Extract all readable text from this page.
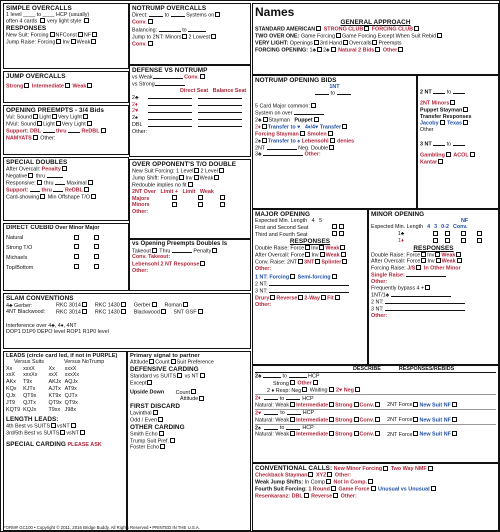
SIMPLE OVERCALLS
1 level ____ to ____ HCP (usually)
often 4 cards very light style
RESPONSES
New Suit: Forcing NFConst NF
Jump Raise: Forcing Inv Weak
JUMP OVERCALLS
Strong Intermediate Weak
OPENING PREEMPTS - 3/4 Bids
Vul: Sound Light Very Light
NVul: Sound Light Very Light
Support: DBL	thru	ReDBL
NAMYATS Other:
SPECIAL DOUBLES
After Overcall: Penalty
Negative thru
Responsive: thru Maximal
Support: thru ReDBL
Card-showing Min Offshape T/O
DIRECT CUEBID Over Minor Major
Natural
Strong T/O
Michaels
Top/Bottom
NOTRUMP OVERCALLS
Direct:	to	Systems on
Conv.
Balancing:	to
Jump to 2NT: Minors 2 Lowest
Conv.
DEFENSE VS NOTRUMP
vs Weak	Conv.
vs Strong
Direct Seat Balance Seat
2♣
2♦
2♥
2♠
DBL
Other:
OVER OPPONENT'S T/O DOUBLE
New Suit Forcing: 1 Level 2 Level
Jump Shift: Forcing Inv Weak
Redouble implies no fit
2NT Over Limit + Limit Weak
Majors
Minors
Other:
vs Opening Preempts Doubles Is
Takeout Thru	Penalty
Conv. Takeout:
Lebensohl 2 NT Response
Other:
SLAM CONVENTIONS
4♣ Gerber:	RKC 3014	RKC 1430	Gerber	Roman
4NT Blackwood: RKC 3014	RKC 1430	Blackwood	5NT GSF
Interference over 4♣, 4♦, 4NT
DOP1 D1P0 DEPO level ROP1 R1P0 level
LEADS (circle card led, if not in PURPLE)
Versus Suits	Versus NoTrump
Xx	xxxX	Xx	xxxX
xxX	xxxXx	xxX	xxxXx
AKx	T9x	AKJx	AQJx
KQx	KJTx	AJTx	AT9x
QJx	QT9x	KT9x	QJTx
JT9	QJTx	QT9x	QT9x
KQT9	KQJx	T9xx	J98x
LENGTH LEADS:
4th Best vs SUITS vsNT
3rd/5th Best vs SUITS vsNT
SPECIAL CARDING PLEASE ASK
Primary signal to partner
Attitude Count Suit Preference
DEFENSIVE CARDING
Standard vs SUITS vs NT
Except
Upside Down Count
Attitude
FIRST DISCARD
Lavinthal
Odd / Even
OTHER CARDING
Smith Echo
Trump Suit Pref.
Foster Echo
Names
GENERAL APPROACH
STANDARD AMERICAN STRONG CLUB FORCING CLUB
TWO OVER ONE: Game Forcing Game Forcing Except When Suit Rebid
VERY LIGHT: Openings 3rd Hand Overcalls Preempts
FORCING OPENING: 1♣ 2♣ Natural 2 Bids Other
NOTRUMP OPENING BIDS
1NT
to
5 Card Major common:
System on over
2♣ Stayman Puppet
2♦ Transfer to ♥ 4♦/4♥ Transfer
Forcing Stayman Smolen
2♠ Transfer to ♠ Lebensohl denies
2NT	Neg. Double
3♣	Other:
2 NT	to
2NT Minors
Puppet Stayman
Transfer Responses
Jacoby Texas
Other
3 NT	to
Gambling ACOL
Kantar
MAJOR OPENING
Expected Min. Length 4 5
First and Second Seat
Third and Fourth Seat
RESPONSES
Double Raise: Force Inv Weak
After Overcall: Force Inv Weak
Conv. Raise: 2NT 3NT Splinter
Other:
1 NT: Forcing Semi-forcing
2 NT:
3 NT:
Drury Reverse 2-Way Fit
Other:
MINOR OPENING
NF
Expected Min. Length 4 3 0-2 Conv.
1♣
1♦
RESPONSES
Double Raise: Force Inv Weak
After Overcall: Force Inv Weak
Forcing Raise: J/S In Other Minor
Single Raise:
Other:
Frequently bypass 4 +
1NT/1♣
2 NT:
3 NT:
Other:
DESCRIBE	RESPONSES/REBIDS
2♣	to	HCP
Strong Other
2 ♦ Resp: Neg Waiting 2♥ Neg
2♦	to	HCP
Natural: Weak Intermediate Strong Conv. 2NT Force New Suit NF
2♥	to	HCP
Natural: Weak Intermediate Strong Conv. 2NT Force New Suit NF
2♠	to	HCP
Natural: Weak Intermediate Strong Conv. 2NT Force New Suit NF
CONVENTIONAL CALLS: New Minor Forcing Two Way NMF
Checkback Stayman XYZ Other:
Weak Jump Shifts: In Comp Not In Comp.
Fourth Suit Forcing: 1 Round Game Force Unusual vs Unusual
Resenkaranz: DBL Reverse Other:
FORM# GC100 • Copyright © 2011, 2016 Bridge Buddy. All Rights Reserved • PRINTED IN THE U.S.A.
